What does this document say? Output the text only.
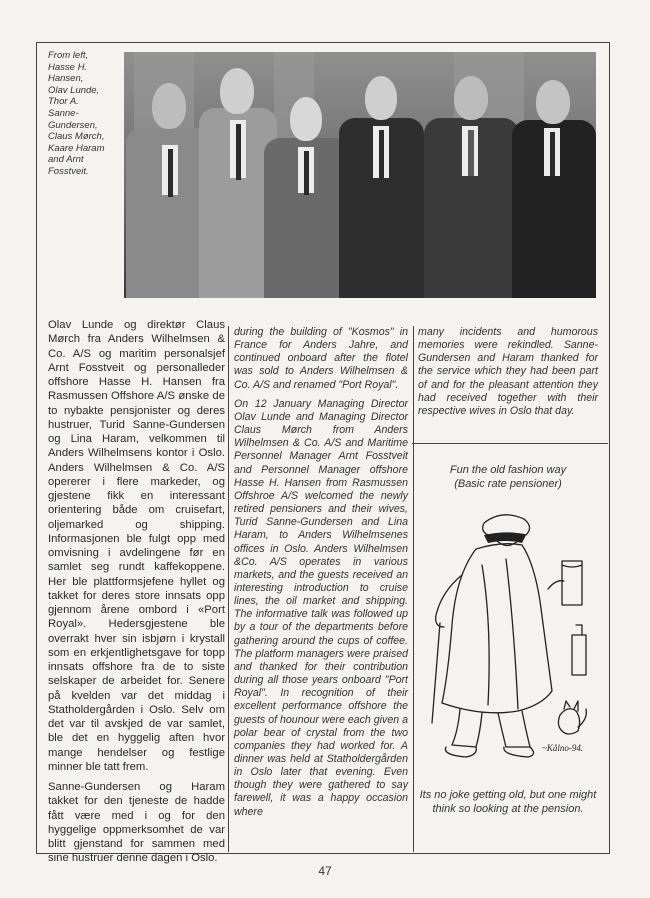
From left,
Hasse H.
Hansen,
Olav Lunde,
Thor A.
Sanne-
Gundersen,
Claus Mørch,
Kaare Haram
and Arnt
Fosstveit.

Olav Lunde og direktør Claus Mørch fra Anders Wilhelmsen & Co. A/S og maritim personalsjef Arnt Fosstveit og personalleder offshore Hasse H. Hansen fra Rasmussen Offshore A/S ønske de to nybakte pensjonister og deres hustruer, Turid Sanne-Gundersen og Lina Haram, velkommen til Anders Wilhelmsens kontor i Oslo. Anders Wilhelmsen & Co. A/S opererer i flere markeder, og gjestene fikk en interessant orientering både om cruisefart, oljemarked og shipping. Informasjonen ble fulgt opp med omvisning i avdelingene før en samlet seg rundt kaffekoppene. Her ble plattformsjefene hyllet og takket for deres store innsats opp gjennom årene ombord i «Port Royal». Hedersgjestene ble overrakt hver sin isbjørn i krystall som en erkjentlighetsgave for topp innsats offshore fra de to siste selskaper de arbeidet for. Senere på kvelden var det middag i Statholdergården i Oslo. Selv om det var til avskjed de var samlet, ble det en hyggelig aften hvor mange hendelser og festlige minner ble tatt frem.

Sanne-Gundersen og Haram takket for den tjeneste de hadde fått være med i og for den hyggelige oppmerksomhet de var blitt gjenstand for sammen med sine hustruer denne dagen i Oslo.

during the building of "Kosmos" in France for Anders Jahre, and continued onboard after the flotel was sold to Anders Wilhelmsen & Co. A/S and renamed "Port Royal".

On 12 January Managing Director Olav Lunde and Managing Director Claus Mørch from Anders Wilhelmsen & Co. A/S and Maritime Personnel Manager Arnt Fosstveit and Personnel Manager offshore Hasse H. Hansen from Rasmussen Offshroe A/S welcomed the newly retired pensioners and their wives, Turid Sanne-Gundersen and Lina Haram, to Anders Wilhelmsenes offices in Oslo. Anders Wilhelmsen &Co. A/S operates in various markets, and the guests received an interesting introduction to cruise lines, the oil market and shipping. The informative talk was followed up by a tour of the departments before gathering around the cups of coffee. The platform managers were praised and thanked for their contribution during all those years onboard "Port Royal". In recognition of their excellent performance offshore the guests of hounour were each given a polar bear of crystal from the two companies they had worked for. A dinner was held at Statholdergården in Oslo later that evening. Even though they were gathered to say farewell, it was a happy occasion where

many incidents and humorous memories were rekindled. Sanne-Gundersen and Haram thanked for the service which they had been part of and for the pleasant attention they had received together with their respective wives in Oslo that day.
Fun the old fashion way
(Basic rate pensioner)
~Kålno-94.
Its no joke getting old, but one might think so looking at the pension.
47
